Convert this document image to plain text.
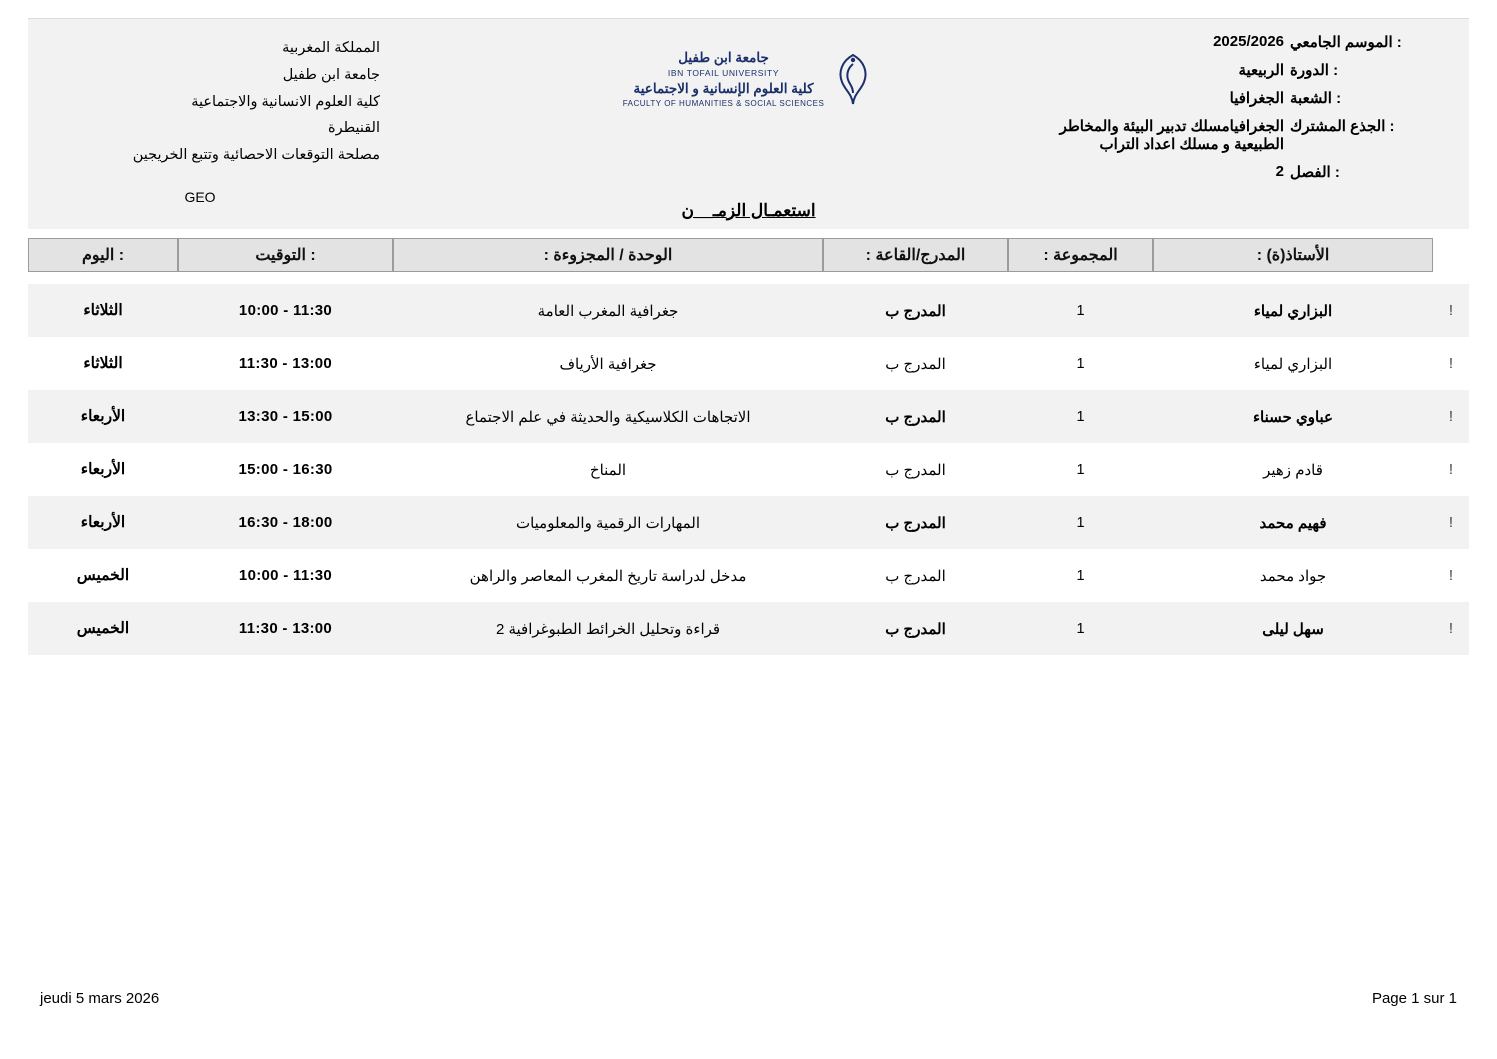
: الموسم الجامعي
2025/2026
: الدورة
الربيعية
: الشعبة
الجغرافيا
: الجذع المشترك
الجغرافيامسلك تدبير البيئة والمخاطر الطبيعية و مسلك اعداد التراب
: الفصل
2
المملكة المغربية
جامعة ابن طفيل
كلية العلوم الانسانية والاجتماعية
القنيطرة
مصلحة التوقعات الاحصائية وتتبع الخريجين
GEO
جامعة ابن طفيل
IBN TOFAIL UNIVERSITY
كلية العلوم الإنسانية و الاجتماعية
FACULTY OF HUMANITIES & SOCIAL SCIENCES
استعمـال الزمـ__ن

	الأستاذ(ة) :	المجموعة :	المدرج/القاعة :	الوحدة / المجزوءة :	: التوقيت	: اليوم

!	البزاري لمياء	1	المدرج ب	جغرافية المغرب العامة	10:00 - 11:30	الثلاثاء
!	البزاري لمياء	1	المدرج ب	جغرافية الأرياف	11:30 - 13:00	الثلاثاء
!	عباوي حسناء	1	المدرج ب	الاتجاهات الكلاسيكية والحديثة في علم الاجتماع	13:30 - 15:00	الأربعاء
!	قادم زهير	1	المدرج ب	المناخ	15:00 - 16:30	الأربعاء
!	فهيم محمد	1	المدرج ب	المهارات الرقمية والمعلوميات	16:30 - 18:00	الأربعاء
!	جواد محمد	1	المدرج ب	مدخل لدراسة تاريخ المغرب المعاصر والراهن	10:00 - 11:30	الخميس
!	سهل ليلى	1	المدرج ب	قراءة وتحليل الخرائط الطبوغرافية 2	11:30 - 13:00	الخميس
jeudi 5 mars 2026	Page 1 sur 1
